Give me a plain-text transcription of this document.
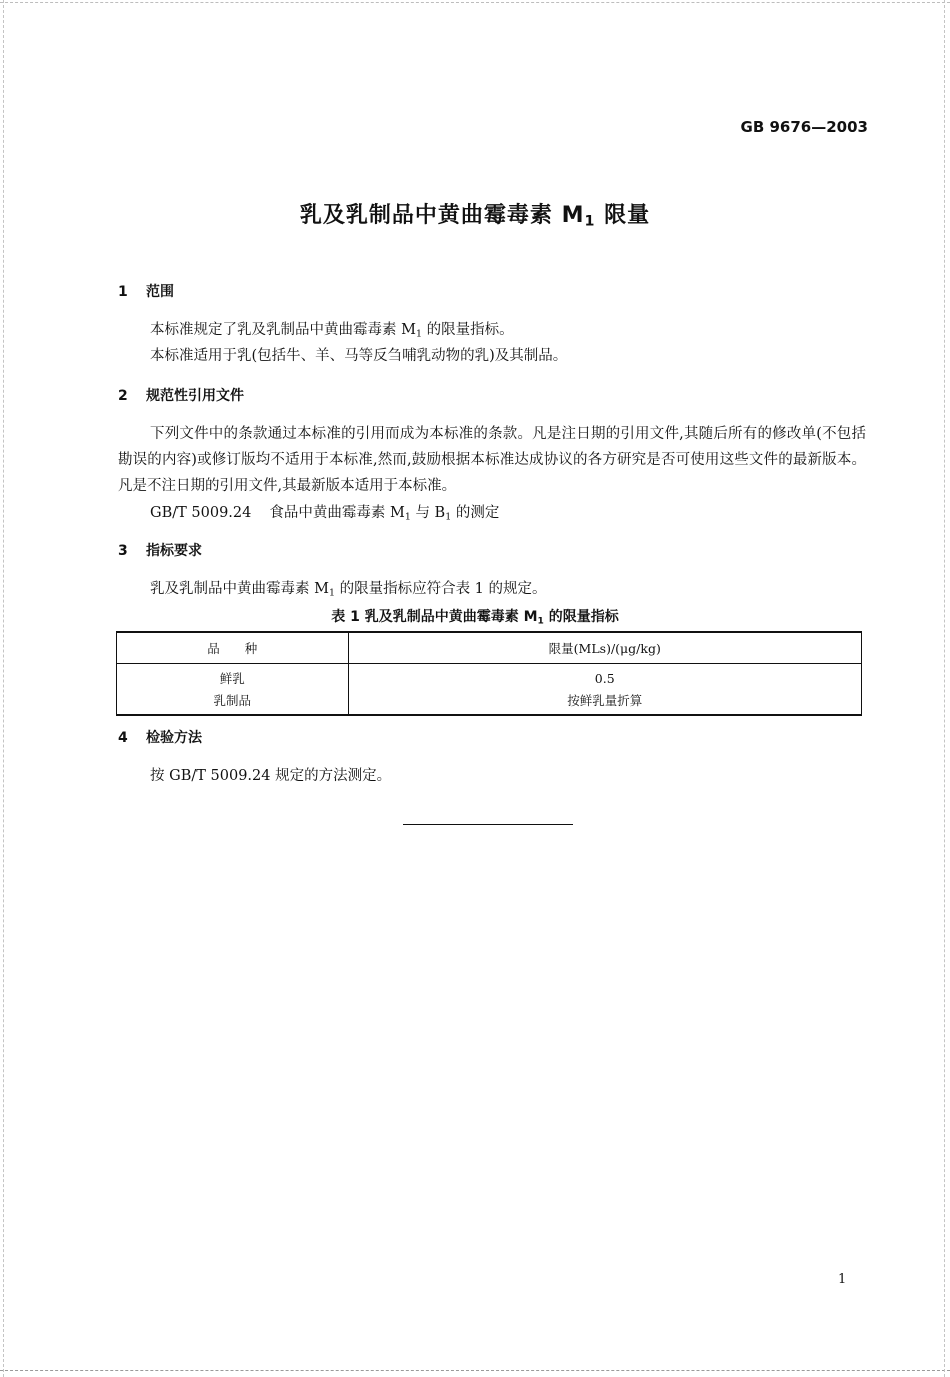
GB 9676—2003
乳及乳制品中黄曲霉毒素 $M_1$ 限量
1 范围
本标准规定了乳及乳制品中黄曲霉毒素 $M_1$ 的限量指标。
本标准适用于乳(包括牛、羊、马等反刍哺乳动物的乳)及其制品。
2 规范性引用文件
下列文件中的条款通过本标准的引用而成为本标准的条款。凡是注日期的引用文件,其随后所有的修改单(不包括勘误的内容)或修订版均不适用于本标准,然而,鼓励根据本标准达成协议的各方研究是否可使用这些文件的最新版本。凡是不注日期的引用文件,其最新版本适用于本标准。
GB/T 5009.24 食品中黄曲霉毒素 $M_1$ 与 $B_1$ 的测定
3 指标要求
乳及乳制品中黄曲霉毒素 $M_1$ 的限量指标应符合表 1 的规定。
表 1 乳及乳制品中黄曲霉毒素 $M_1$ 的限量指标
品　　种	限量(MLs)/(μg/kg)
鲜乳	0.5
乳制品	按鲜乳量折算
4 检验方法
按 GB/T 5009.24 规定的方法测定。
1
